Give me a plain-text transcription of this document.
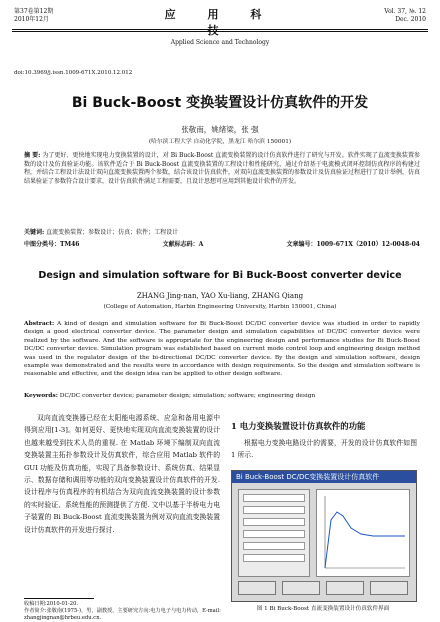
第37卷第12期
2010年12月	应 用 科 技
Applied Science and Technology
Vol. 37, №. 12
Dec. 2010
doi:10.3969/j.issn.1009-671X.2010.12.012
Bi Buck-Boost 变换装置设计仿真软件的开发
张敬南，姚绪梁，张 强
(哈尔滨工程大学 自动化学院，黑龙江 哈尔滨 150001)
摘 要: 为了更好、更快地实现电力变换装置的设计，对 Bi Buck-Boost 直流变换装置的设计仿真软件进行了研究与开发。软件实现了直流变换装置参数的设计及仿真验证功能。该软件适合于 Bi Buck-Boost 直流变换装置的工程设计和性能研究，通过介绍基于电流模式闭环控制仿真程序的构建过程，并结合工程设计法设计双向直流变换装置两个参数，结合该设计仿真软件，对双向直流变换装置的参数设计及仿真验证过程进行了设计举例，仿真结果验证了参数符合设计要求，设计仿真软件满足工程需要，且设计思想可应用到其他设计软件的开发。
关键词: 直流变换装置；参数设计；仿真；软件；工程设计
中图分类号：TM46	文献标志码：A	文章编号：1009-671X（2010）12-0048-04
Design and simulation software for Bi Buck-Boost converter device
ZHANG Jing-nan, YAO Xu-liang, ZHANG Qiang
(College of Automation, Harbin Engineering University, Harbin 150001, China)
Abstract: A kind of design and simulation software for Bi Buck-Boost DC/DC converter device was studied in order to rapidly design a good electrical converter device. The parameter design and simulation capabilities of DC/DC converter device were realized by the software. And the software is appropriate for the engineering design and performance studies for Bi Buck-Boost DC/DC converter device. Simulation program was established based on current mode control loop and engineering design method was used in the regulator design of the bi-directional DC/DC converter device. By the design and simulation software, design example was demonstrated and the results were in accordance with design requirements. So the design and simulation software is reasonable and effective, and the design idea can be applied to other design software.
Keywords: DC/DC converter device; parameter design; simulation; software; engineering design
双向直流变换器已经在太阳能电源系统、应急和备用电源中得到应用[1-3]。如何更好、更快地实现双向直流变换装置的设计也越来越受到技术人员的重视. 在 Matlab 环境下编制双向直流变换装置主拓扑参数设计及仿真软件，综合应用 Matlab 软件的 GUI 功能及仿真功能，实现了具备参数设计、系统仿真、结果显示、数据存储和调用等功能的双向变换装置设计仿真软件的开发. 设计程序与仿真程序的有机结合为双向直流变换装置的设计参数的实时验证、系统性能的预测提供了方便. 文中以基于半桥电力电子装置的 Bi Buck-Boost 直流变换装置为例对双向直流变换装置设计仿真软件的开发进行探讨.
1 电力变换装置设计仿真软件的功能
根据电力变换电路设计的需要，开发的设计仿真软件如图 1 所示.
Bi Buck-Boost DC/DC变换装置设计仿真软件
图 1 Bi Buck-Boost 直流变换装置设计仿真软件界面
收稿日期:2010-01-20.
作者简介:张敬南(1975-)，男，副教授，主要研究方向:电力电子与电力传动，E-mail: zhangjingnan@hrbeu.edu.cn.
